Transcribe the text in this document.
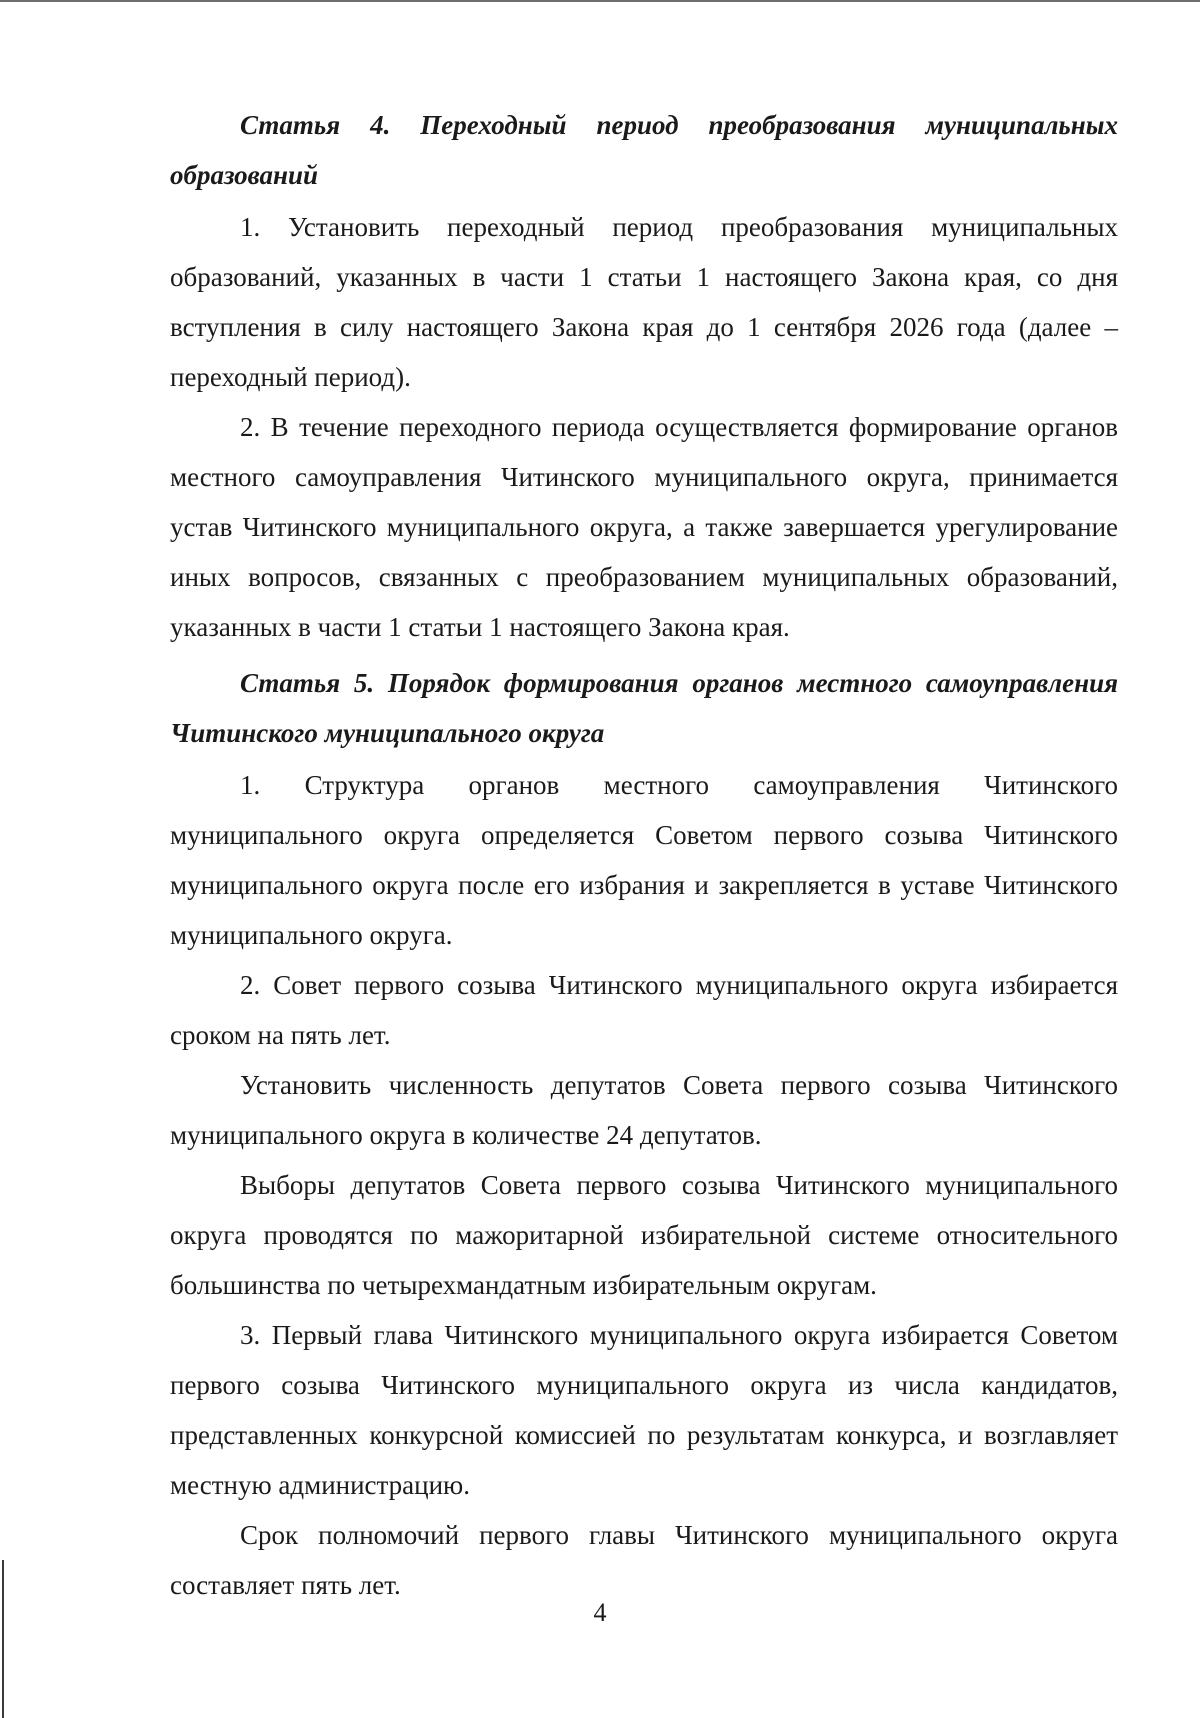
Статья 4. Переходный период преобразования муниципальных образований

1. Установить переходный период преобразования муниципальных образований, указанных в части 1 статьи 1 настоящего Закона края, со дня вступления в силу настоящего Закона края до 1 сентября 2026 года (далее – переходный период).

2. В течение переходного периода осуществляется формирование органов местного самоуправления Читинского муниципального округа, принимается устав Читинского муниципального округа, а также завершается урегулирование иных вопросов, связанных с преобразованием муниципальных образований, указанных в части 1 статьи 1 настоящего Закона края.

Статья 5. Порядок формирования органов местного самоуправления Читинского муниципального округа

1. Структура органов местного самоуправления Читинского муниципального округа определяется Советом первого созыва Читинского муниципального округа после его избрания и закрепляется в уставе Читинского муниципального округа.

2. Совет первого созыва Читинского муниципального округа избирается сроком на пять лет.

Установить численность депутатов Совета первого созыва Читинского муниципального округа в количестве 24 депутатов.

Выборы депутатов Совета первого созыва Читинского муниципального округа проводятся по мажоритарной избирательной системе относительного большинства по четырехмандатным избирательным округам.

3. Первый глава Читинского муниципального округа избирается Советом первого созыва Читинского муниципального округа из числа кандидатов, представленных конкурсной комиссией по результатам конкурса, и возглавляет местную администрацию.

Срок полномочий первого главы Читинского муниципального округа составляет пять лет.

4
